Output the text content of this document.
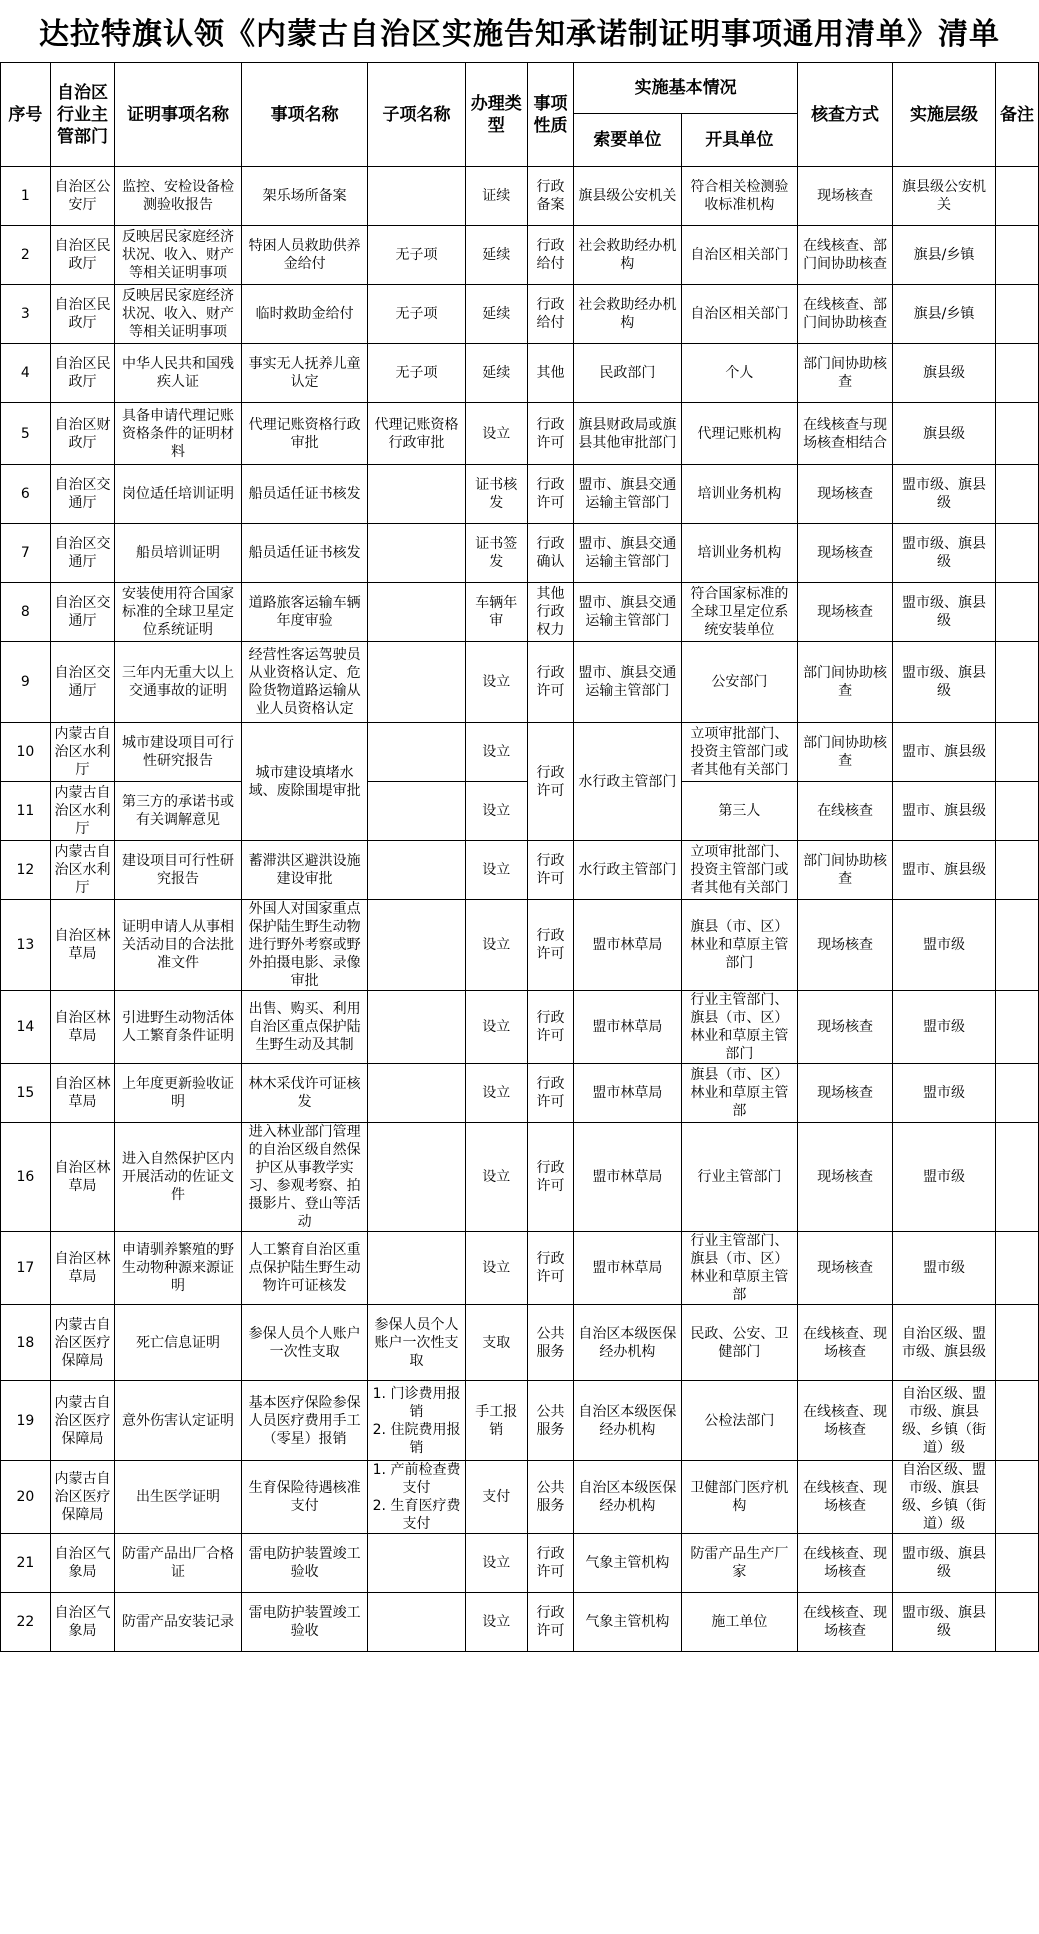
达拉特旗认领《内蒙古自治区实施告知承诺制证明事项通用清单》清单
序号	自治区行业主管部门	证明事项名称	事项名称	子项名称	办理类型	事项性质	实施基本情况		核查方式	实施层级	备注
							索要单位	开具单位			
1	自治区公安厅	监控、安检设备检测验收报告	架乐场所备案		证续	行政备案	旗县级公安机关	符合相关检测验收标准机构	现场核查	旗县级公安机关	
2	自治区民政厅	反映居民家庭经济状况、收入、财产等相关证明事项	特困人员救助供养金给付	无子项	延续	行政给付	社会救助经办机构	自治区相关部门	在线核查、部门间协助核查	旗县/乡镇	
3	自治区民政厅	反映居民家庭经济状况、收入、财产等相关证明事项	临时救助金给付	无子项	延续	行政给付	社会救助经办机构	自治区相关部门	在线核查、部门间协助核查	旗县/乡镇	
4	自治区民政厅	中华人民共和国残疾人证	事实无人抚养儿童认定	无子项	延续	其他	民政部门	个人	部门间协助核查	旗县级	
5	自治区财政厅	具备申请代理记账资格条件的证明材料	代理记账资格行政审批	代理记账资格行政审批	设立	行政许可	旗县财政局或旗县其他审批部门	代理记账机构	在线核查与现场核查相结合	旗县级	
6	自治区交通厅	岗位适任培训证明	船员适任证书核发		证书核发	行政许可	盟市、旗县交通运输主管部门	培训业务机构	现场核查	盟市级、旗县级	
7	自治区交通厅	船员培训证明	船员适任证书核发		证书签发	行政确认	盟市、旗县交通运输主管部门	培训业务机构	现场核查	盟市级、旗县级	
8	自治区交通厅	安装使用符合国家标准的全球卫星定位系统证明	道路旅客运输车辆年度审验		车辆年审	其他行政权力	盟市、旗县交通运输主管部门	符合国家标准的全球卫星定位系统安装单位	现场核查	盟市级、旗县级	
9	自治区交通厅	三年内无重大以上交通事故的证明	经营性客运驾驶员从业资格认定、危险货物道路运输从业人员资格认定		设立	行政许可	盟市、旗县交通运输主管部门	公安部门	部门间协助核查	盟市级、旗县级	
10	内蒙古自治区水利厅	城市建设项目可行性研究报告	城市建设填堵水域、废除围堤审批		设立	行政许可	水行政主管部门	立项审批部门、投资主管部门或者其他有关部门	部门间协助核查	盟市、旗县级	
11	内蒙古自治区水利厅	第三方的承诺书或有关调解意见			设立			第三人	在线核查	盟市、旗县级	
12	内蒙古自治区水利厅	建设项目可行性研究报告	蓄滞洪区避洪设施建设审批		设立	行政许可	水行政主管部门	立项审批部门、投资主管部门或者其他有关部门	部门间协助核查	盟市、旗县级	
13	自治区林草局	证明申请人从事相关活动目的合法批准文件	外国人对国家重点保护陆生野生动物进行野外考察或野外拍摄电影、录像审批		设立	行政许可	盟市林草局	旗县（市、区）林业和草原主管部门	现场核查	盟市级	
14	自治区林草局	引进野生动物活体人工繁育条件证明	出售、购买、利用自治区重点保护陆生野生动及其制		设立	行政许可	盟市林草局	行业主管部门、旗县（市、区）林业和草原主管部门	现场核查	盟市级	
15	自治区林草局	上年度更新验收证明	林木采伐许可证核发		设立	行政许可	盟市林草局	旗县（市、区）林业和草原主管部	现场核查	盟市级	
16	自治区林草局	进入自然保护区内开展活动的佐证文件	进入林业部门管理的自治区级自然保护区从事教学实习、参观考察、拍摄影片、登山等活动		设立	行政许可	盟市林草局	行业主管部门	现场核查	盟市级	
17	自治区林草局	申请驯养繁殖的野生动物种源来源证明	人工繁育自治区重点保护陆生野生动物许可证核发		设立	行政许可	盟市林草局	行业主管部门、旗县（市、区）林业和草原主管部	现场核查	盟市级	
18	内蒙古自治区医疗保障局	死亡信息证明	参保人员个人账户一次性支取	参保人员个人账户一次性支取	支取	公共服务	自治区本级医保经办机构	民政、公安、卫健部门	在线核查、现场核查	自治区级、盟市级、旗县级	
19	内蒙古自治区医疗保障局	意外伤害认定证明	基本医疗保险参保人员医疗费用手工（零星）报销	1. 门诊费用报销
2. 住院费用报销	手工报销	公共服务	自治区本级医保经办机构	公检法部门	在线核查、现场核查	自治区级、盟市级、旗县级、乡镇（街道）级	
20	内蒙古自治区医疗保障局	出生医学证明	生育保险待遇核准支付	1. 产前检查费支付
2. 生育医疗费支付	支付	公共服务	自治区本级医保经办机构	卫健部门医疗机构	在线核查、现场核查	自治区级、盟市级、旗县级、乡镇（街道）级	
21	自治区气象局	防雷产品出厂合格证	雷电防护装置竣工验收		设立	行政许可	气象主管机构	防雷产品生产厂家	在线核查、现场核查	盟市级、旗县级	
22	自治区气象局	防雷产品安装记录	雷电防护装置竣工验收		设立	行政许可	气象主管机构	施工单位	在线核查、现场核查	盟市级、旗县级	
